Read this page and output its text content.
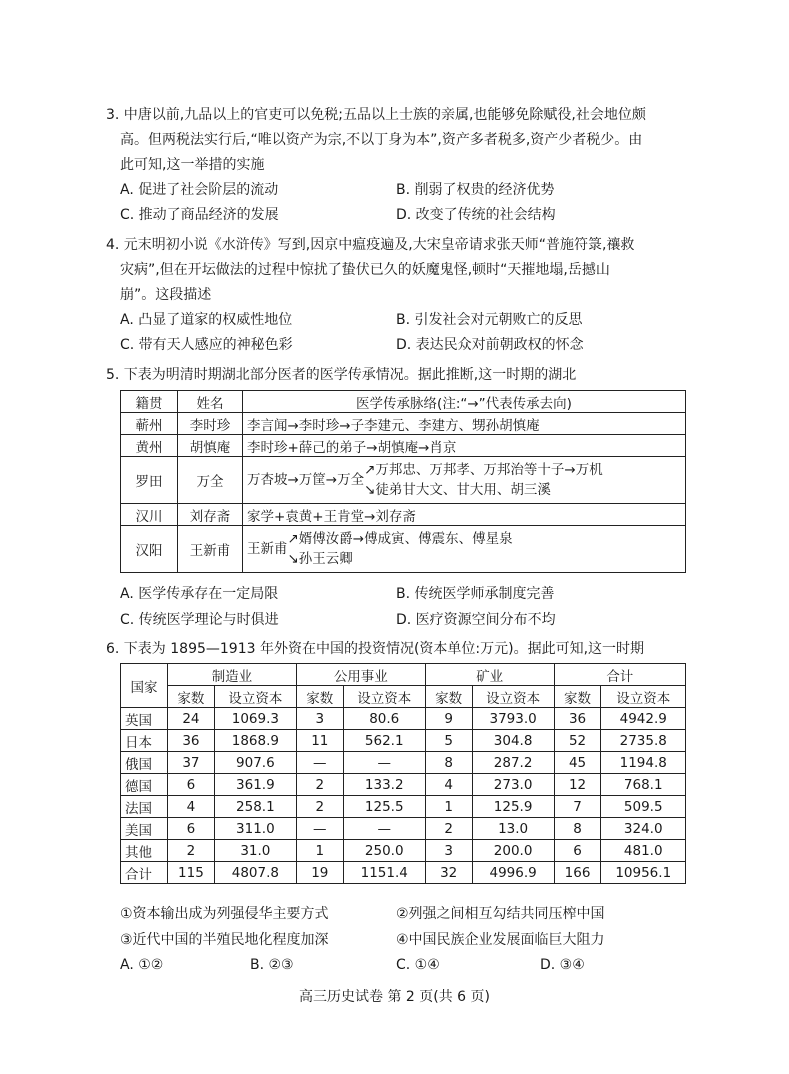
3. 中唐以前,九品以上的官吏可以免税;五品以上士族的亲属,也能够免除赋役,社会地位颇
高。但两税法实行后,“唯以资产为宗,不以丁身为本”,资产多者税多,资产少者税少。由
此可知,这一举措的实施
A. 促进了社会阶层的流动	B. 削弱了权贵的经济优势
C. 推动了商品经济的发展	D. 改变了传统的社会结构
4. 元末明初小说《水浒传》写到,因京中瘟疫遍及,大宋皇帝请求张天师“普施符箓,禳救
灾病”,但在开坛做法的过程中惊扰了蛰伏已久的妖魔鬼怪,顿时“天摧地塌,岳撼山
崩”。这段描述
A. 凸显了道家的权威性地位	B. 引发社会对元朝败亡的反思
C. 带有天人感应的神秘色彩	D. 表达民众对前朝政权的怀念
5. 下表为明清时期湖北部分医者的医学传承情况。据此推断,这一时期的湖北
籍贯	姓名	医学传承脉络(注:“→”代表传承去向)
蕲州	李时珍	李言闻→李时珍→子李建元、李建方、甥孙胡慎庵
黄州	胡慎庵	李时珍+薛己的弟子→胡慎庵→肖京
罗田	万全	万杏坡→万筐→万全
↗万邦忠、万邦孝、万邦治等十子→万机
↘徒弟甘大文、甘大用、胡三溪

汉川	刘存斋	家学+袁黄+王肯堂→刘存斋
汉阳	王新甫	王新甫
↗婿傅汝爵→傅成寅、傅震东、傅星泉
↘孙王云卿
A. 医学传承存在一定局限	B. 传统医学师承制度完善
C. 传统医学理论与时俱进	D. 医疗资源空间分布不均
6. 下表为 1895—1913 年外资在中国的投资情况(资本单位:万元)。据此可知,这一时期
国家	制造业		公用事业		矿业		合计	
	家数	设立资本	家数	设立资本	家数	设立资本	家数	设立资本
英国	24	1069.3	3	80.6	9	3793.0	36	4942.9
日本	36	1868.9	11	562.1	5	304.8	52	2735.8
俄国	37	907.6	—	—	8	287.2	45	1194.8
德国	6	361.9	2	133.2	4	273.0	12	768.1
法国	4	258.1	2	125.5	1	125.9	7	509.5
美国	6	311.0	—	—	2	13.0	8	324.0
其他	2	31.0	1	250.0	3	200.0	6	481.0
合计	115	4807.8	19	1151.4	32	4996.9	166	10956.1
①资本输出成为列强侵华主要方式	②列强之间相互勾结共同压榨中国
③近代中国的半殖民地化程度加深	④中国民族企业发展面临巨大阻力
A. ①②	B. ②③	C. ①④	D. ③④
高三历史试卷 第 2 页(共 6 页)
